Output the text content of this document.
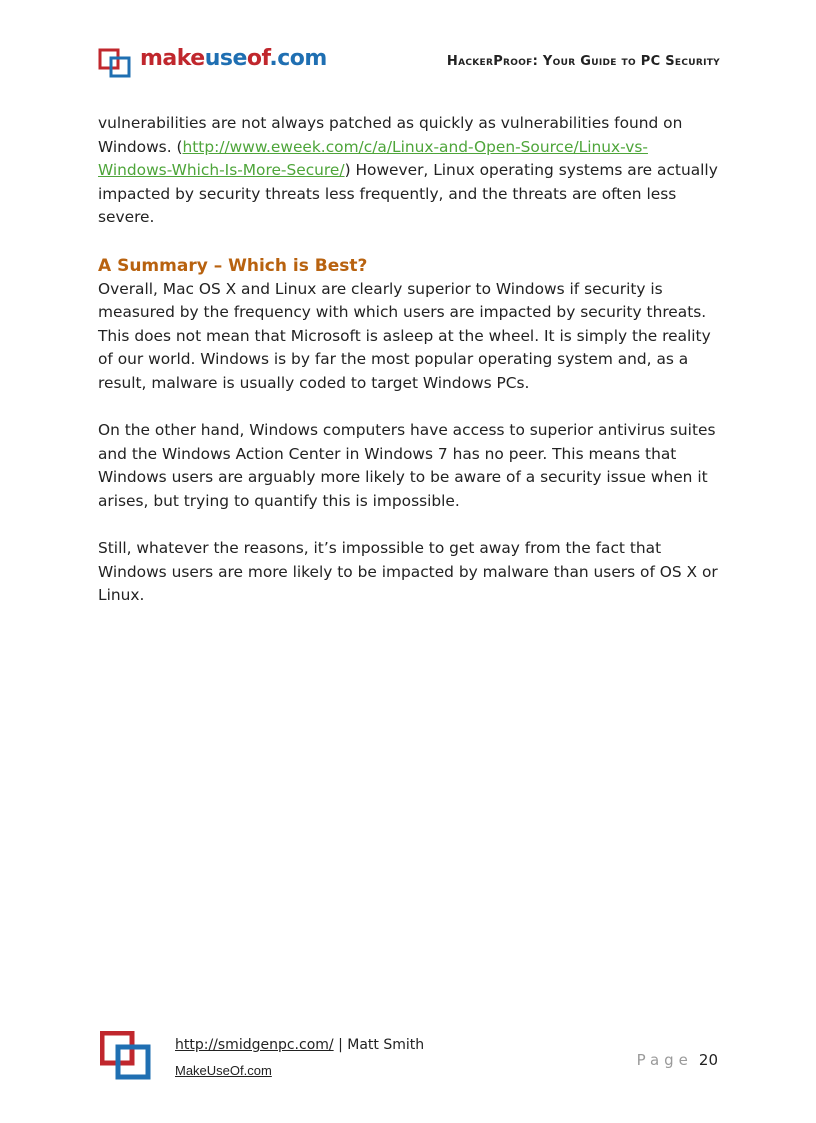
makeuseof.com	HackerProof: Your Guide to PC Security

vulnerabilities are not always patched as quickly as vulnerabilities found on Windows. (http://www.eweek.com/c/a/Linux-and-Open-Source/Linux-vs-Windows-Which-Is-More-Secure/) However, Linux operating systems are actually impacted by security threats less frequently, and the threats are often less severe.

A Summary – Which is Best?

Overall, Mac OS X and Linux are clearly superior to Windows if security is measured by the frequency with which users are impacted by security threats. This does not mean that Microsoft is asleep at the wheel. It is simply the reality of our world. Windows is by far the most popular operating system and, as a result, malware is usually coded to target Windows PCs.

On the other hand, Windows computers have access to superior antivirus suites and the Windows Action Center in Windows 7 has no peer. This means that Windows users are arguably more likely to be aware of a security issue when it arises, but trying to quantify this is impossible.

Still, whatever the reasons, it’s impossible to get away from the fact that Windows users are more likely to be impacted by malware than users of OS X or Linux.

http://smidgenpc.com/ | Matt Smith
MakeUseOf.com
Page 20
